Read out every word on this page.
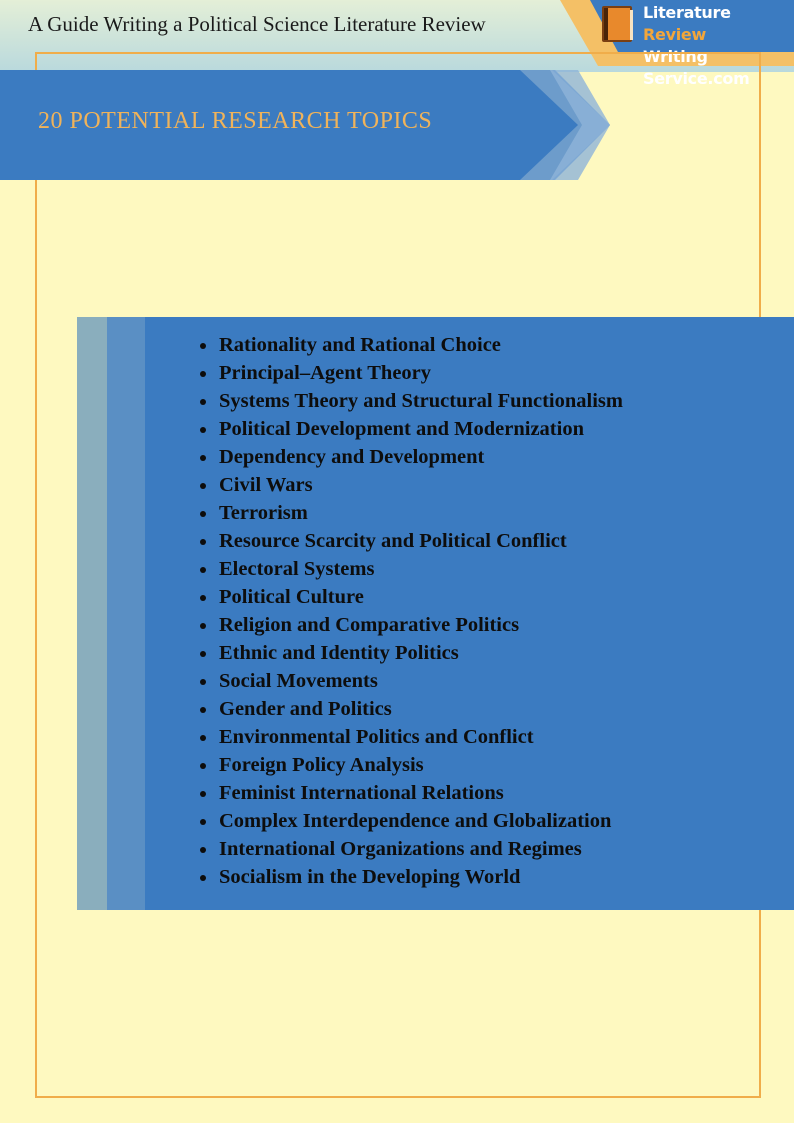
Literature Review
Writing Service.com
A Guide Writing a Political Science Literature Review
20 POTENTIAL RESEARCH TOPICS
Rationality and Rational Choice
Principal–Agent Theory
Systems Theory and Structural Functionalism
Political Development and Modernization
Dependency and Development
Civil Wars
Terrorism
Resource Scarcity and Political Conflict
Electoral Systems
Political Culture
Religion and Comparative Politics
Ethnic and Identity Politics
Social Movements
Gender and Politics
Environmental Politics and Conflict
Foreign Policy Analysis
Feminist International Relations
Complex Interdependence and Globalization
International Organizations and Regimes
Socialism in the Developing World
